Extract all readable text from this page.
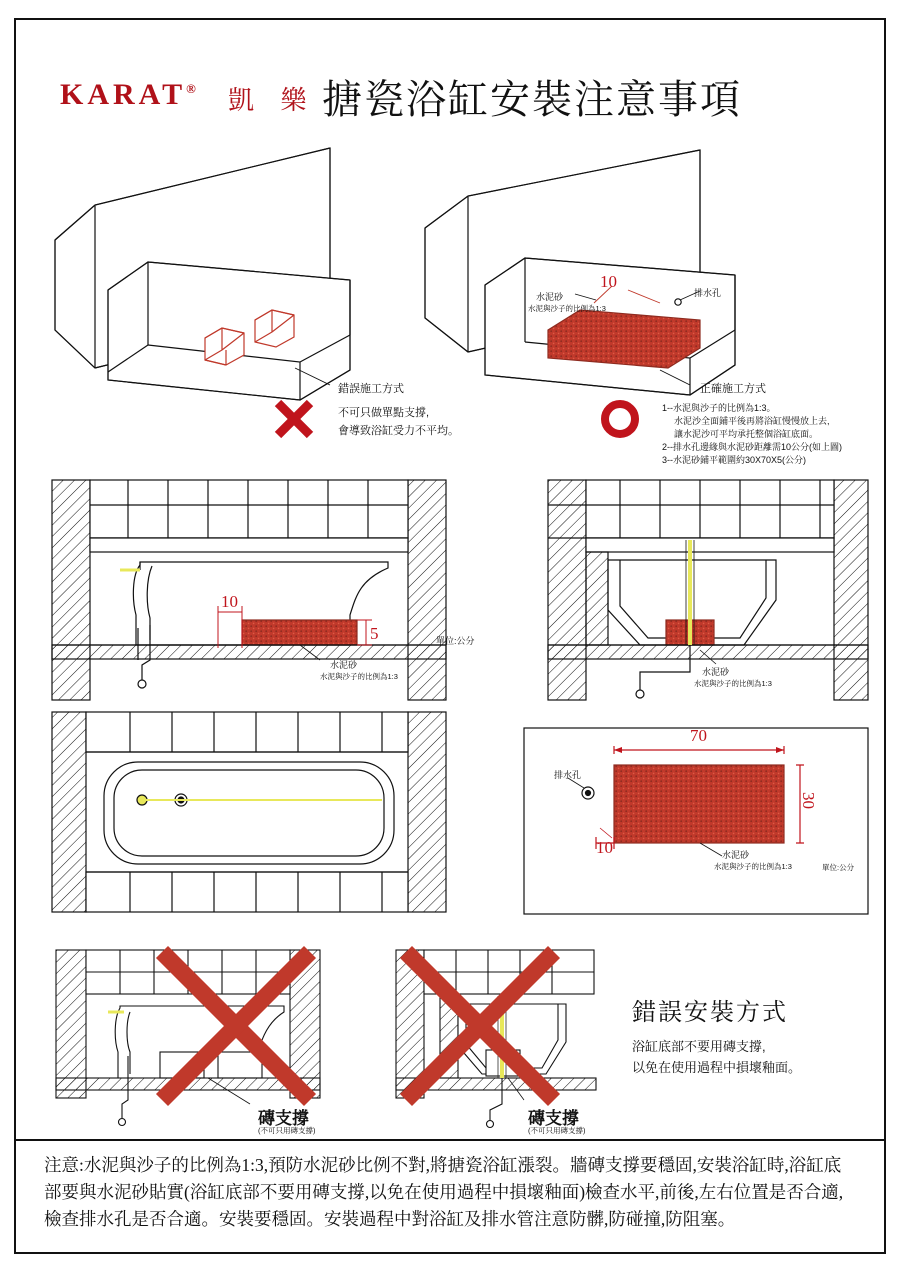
KARAT® 凱 樂 搪瓷浴缸安裝注意事項
錯誤施工方式
不可只做單點支撐,
會導致浴缸受力不平均。
水泥砂
水泥與沙子的比例為1:3
10
排水孔
正確施工方式
1--水泥與沙子的比例為1:3。
水泥沙全面鋪平後再將浴缸慢慢放上去,
讓水泥沙可平均承托整個浴缸底面。
2--排水孔邊緣與水泥砂距離需10公分(如上圖)
3--水泥砂鋪平範圍約30X70X5(公分)
10
5	單位:公分
水泥砂
水泥與沙子的比例為1:3	水泥砂
水泥與沙子的比例為1:3
排水孔
70
30
10	水泥砂
水泥與沙子的比例為1:3	單位:公分
磚支撐
(不可只用磚支撐)
磚支撐
(不可只用磚支撐)
錯誤安裝方式
浴缸底部不要用磚支撐,
以免在使用過程中損壞釉面。
注意:水泥與沙子的比例為1:3,預防水泥砂比例不對,將搪瓷浴缸漲裂。牆磚支撐要穩固,安裝浴缸時,浴缸底部要與水泥砂貼實(浴缸底部不要用磚支撐,以免在使用過程中損壞釉面)檢查水平,前後,左右位置是否合適,檢查排水孔是否合適。安裝要穩固。安裝過程中對浴缸及排水管注意防髒,防碰撞,防阻塞。
